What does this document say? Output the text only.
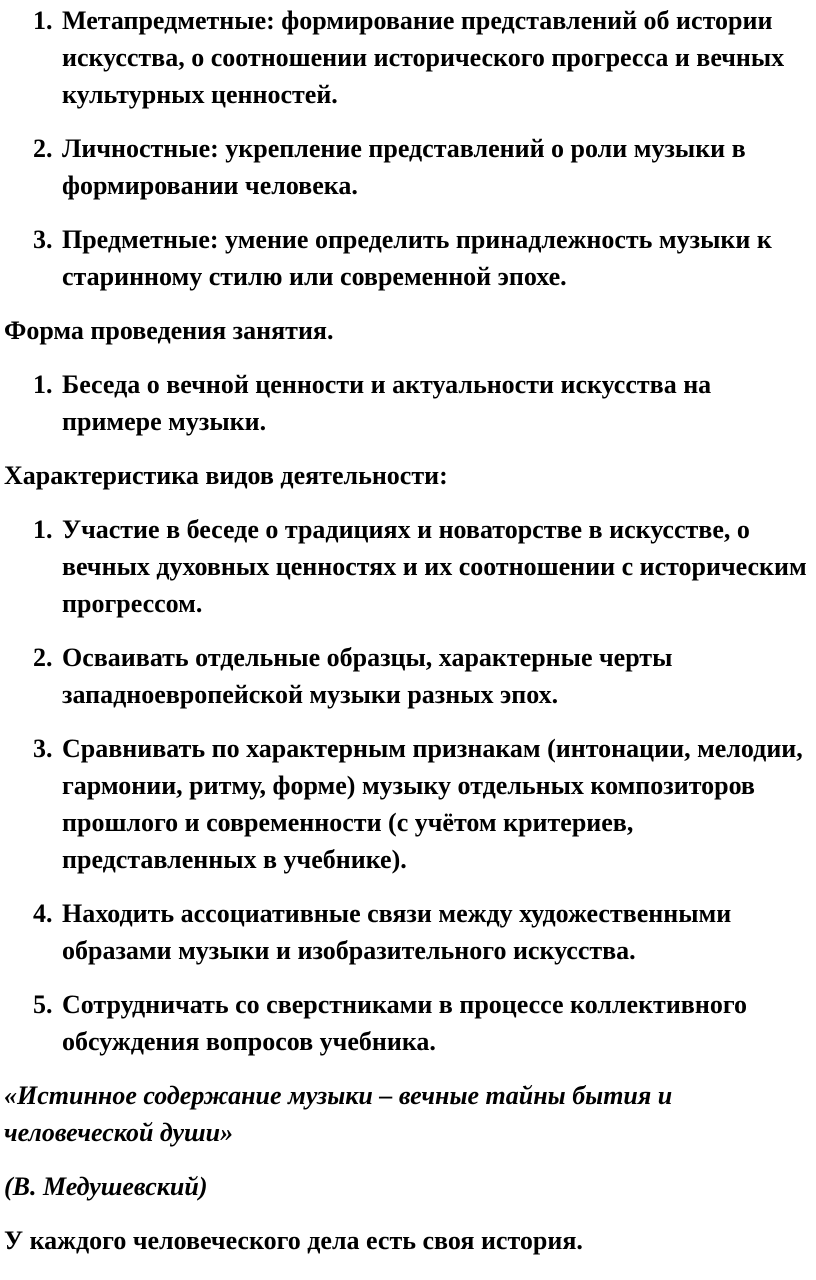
1. Метапредметные: формирование представлений об истории искусства, о соотношении исторического прогресса и вечных культурных ценностей.
2. Личностные: укрепление представлений о роли музыки в формировании человека.
3. Предметные: умение определить принадлежность музыки к старинному стилю или современной эпохе.
Форма проведения занятия.
1. Беседа о вечной ценности и актуальности искусства на примере музыки.
Характеристика видов деятельности:
1. Участие в беседе о традициях и новаторстве в искусстве, о вечных духовных ценностях и их соотношении с историческим прогрессом.
2. Осваивать отдельные образцы, характерные черты западноевропейской музыки разных эпох.
3. Сравнивать по характерным признакам (интонации, мелодии, гармонии, ритму, форме) музыку отдельных композиторов прошлого и современности (с учётом критериев, представленных в учебнике).
4. Находить ассоциативные связи между художественными образами музыки и изобразительного искусства.
5. Сотрудничать со сверстниками в процессе коллективного обсуждения вопросов учебника.
«Истинное содержание музыки – вечные тайны бытия и человеческой души»
(В. Медушевский)
У каждого человеческого дела есть своя история.
